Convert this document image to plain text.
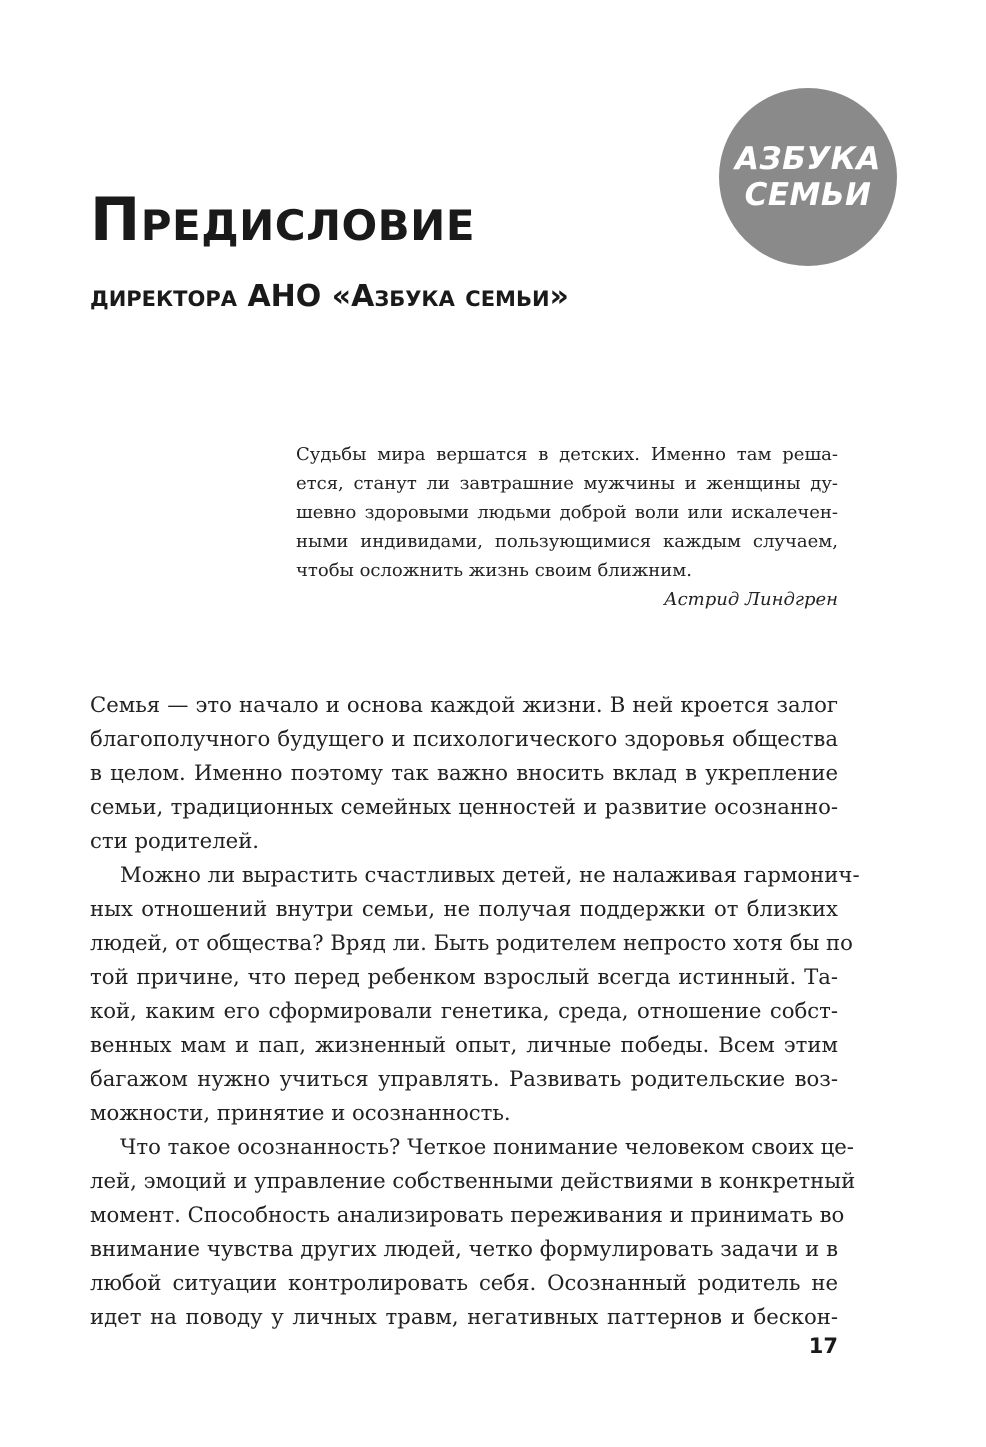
АЗБУКА
СЕМЬИ
Предисловие
директора АНО «Азбука семьи»
Судьбы мира вершатся в детских. Именно там реша-
ется, станут ли завтрашние мужчины и женщины ду-
шевно здоровыми людьми доброй воли или искалечен-
ными индивидами, пользующимися каждым случаем,
чтобы осложнить жизнь своим ближним.
Астрид Линдгрен
Семья — это начало и основа каждой жизни. В ней кроется залог
благополучного будущего и психологического здоровья общества
в целом. Именно поэтому так важно вносить вклад в укрепление
семьи, традиционных семейных ценностей и развитие осознанно-
сти родителей.
Можно ли вырастить счастливых детей, не налаживая гармонич-
ных отношений внутри семьи, не получая поддержки от близких
людей, от общества? Вряд ли. Быть родителем непросто хотя бы по
той причине, что перед ребенком взрослый всегда истинный. Та-
кой, каким его сформировали генетика, среда, отношение собст-
венных мам и пап, жизненный опыт, личные победы. Всем этим
багажом нужно учиться управлять. Развивать родительские воз-
можности, принятие и осознанность.
Что такое осознанность? Четкое понимание человеком своих це-
лей, эмоций и управление собственными действиями в конкретный
момент. Способность анализировать переживания и принимать во
внимание чувства других людей, четко формулировать задачи и в
любой ситуации контролировать себя. Осознанный родитель не
идет на поводу у личных травм, негативных паттернов и бескон-
17
